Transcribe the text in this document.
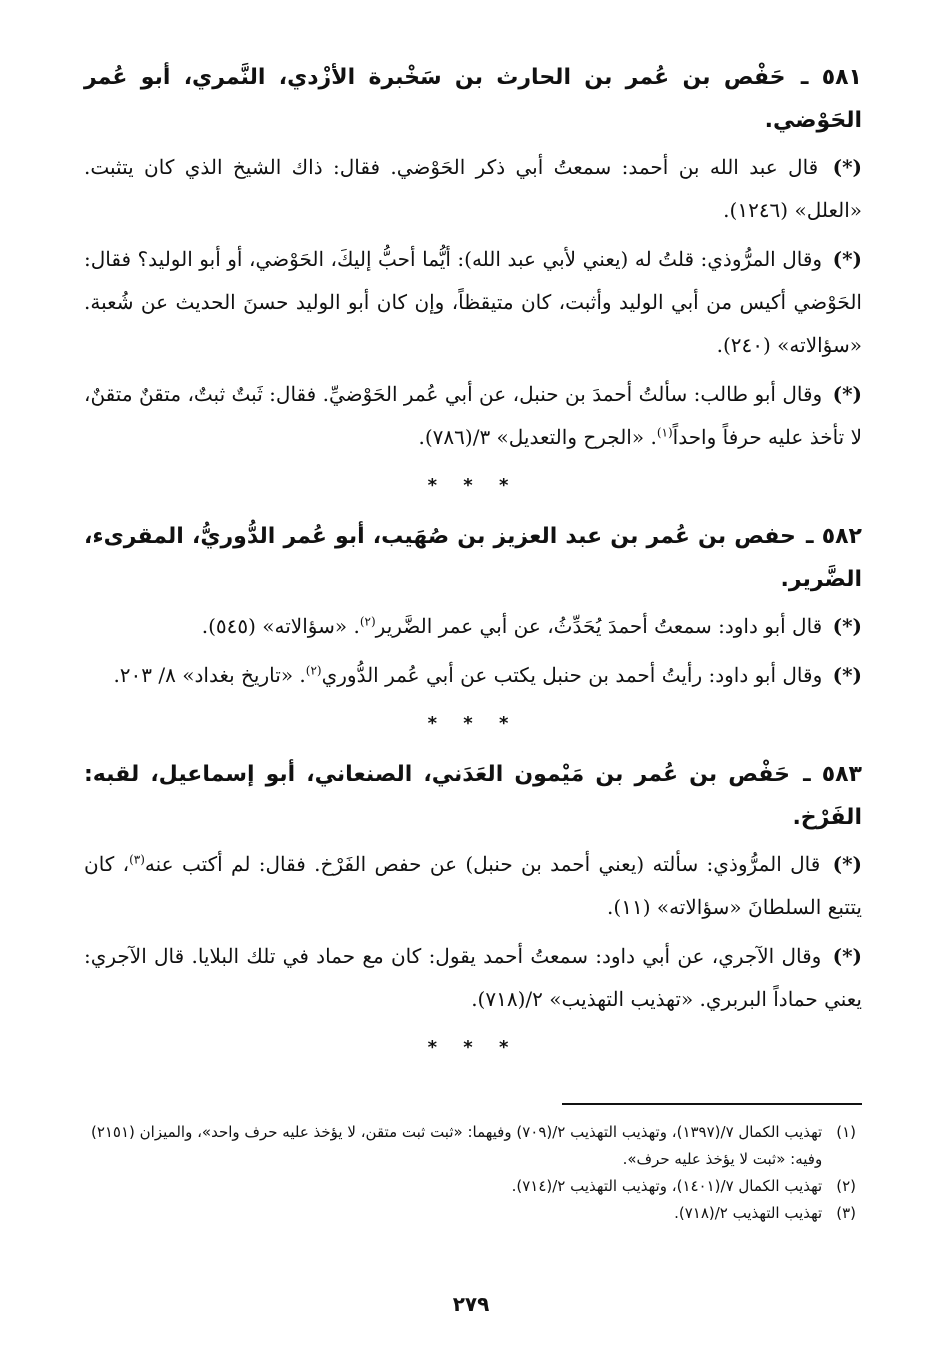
٥٨١ ـ حَفْص بن عُمر بن الحارث بن سَخْبرة الأزْدي، النَّمري، أبو عُمر الحَوْضي.

(*) قال عبد الله بن أحمد: سمعتُ أبي ذكر الحَوْضي. فقال: ذاك الشيخ الذي كان يتثبت. «العلل» (١٢٤٦).

(*) وقال المرُّوذي: قلتُ له (يعني لأبي عبد الله): أيُّما أحبُّ إليكَ، الحَوْضي، أو أبو الوليد؟ فقال: الحَوْضي أكيس من أبي الوليد وأثبت، كان متيقظاً، وإن كان أبو الوليد حسنَ الحديث عن شُعبة. «سؤالاته» (٢٤٠).

(*) وقال أبو طالب: سألتُ أحمدَ بن حنبل، عن أبي عُمر الحَوْضيِّ. فقال: ثَبتٌ ثبتٌ، متقنٌ متقنٌ، لا تأخذ عليه حرفاً واحداً$^{(١)}$. «الجرح والتعديل» ٣/(٧٨٦).

* * *
٥٨٢ ـ حفص بن عُمر بن عبد العزيز بن صُهَيب، أبو عُمر الدُّوريُّ، المقرىء، الضَّرير.

(*) قال أبو داود: سمعتُ أحمدَ يُحَدِّثُ، عن أبي عمر الضَّرير$^{(٢)}$. «سؤالاته» (٥٤٥).

(*) وقال أبو داود: رأيتُ أحمد بن حنبل يكتب عن أبي عُمر الدُّوري$^{(٢)}$. «تاريخ بغداد» ٨/ ٢٠٣.

* * *
٥٨٣ ـ حَفْص بن عُمر بن مَيْمون العَدَني، الصنعاني، أبو إسماعيل، لقبه: الفَرْخ.

(*) قال المرُّوذي: سألته (يعني أحمد بن حنبل) عن حفص الفَرْخ. فقال: لم أكتب عنه$^{(٣)}$، كان يتتبع السلطانَ «سؤالاته» (١١).

(*) وقال الآجري، عن أبي داود: سمعتُ أحمد يقول: كان مع حماد في تلك البلايا. قال الآجري: يعني حماداً البربري. «تهذيب التهذيب» ٢/(٧١٨).

* * *
(١)
تهذيب الكمال ٧/(١٣٩٧)، وتهذيب التهذيب ٢/(٧٠٩) وفيهما: «ثبت ثبت متقن، لا يؤخذ عليه حرف واحد»، والميزان (٢١٥١) وفيه: «ثبت لا يؤخذ عليه حرف».
(٢)
تهذيب الكمال ٧/(١٤٠١)، وتهذيب التهذيب ٢/(٧١٤).
(٣)
تهذيب التهذيب ٢/(٧١٨).
٢٧٩
